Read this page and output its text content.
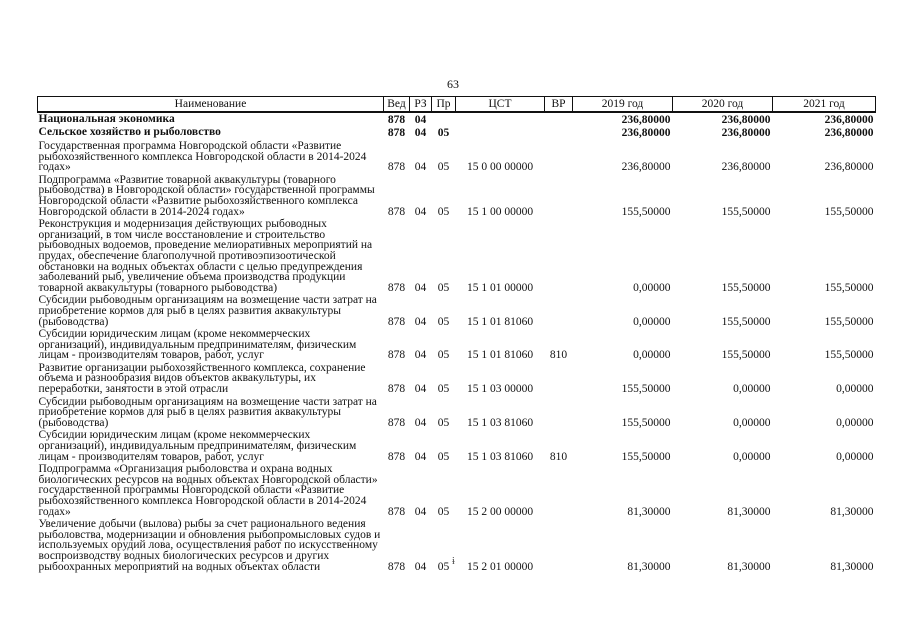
63
Наименование	Вед	РЗ	Пр	ЦСТ	ВР	2019 год	2020 год	2021 год
Национальная экономика	878	04				236,80000	236,80000	236,80000
Сельское хозяйство и рыболовство	878	04	05			236,80000	236,80000	236,80000
Государственная программа Новгородской области «Развитие рыбохозяйственного комплекса Новгородской области в 2014-2024 годах»	878	04	05	15 0 00 00000		236,80000	236,80000	236,80000
Подпрограмма «Развитие товарной аквакультуры (товарного рыбоводства) в Новгородской области» государственной программы Новгородской области «Развитие рыбохозяйственного комплекса Новгородской области в 2014-2024 годах»	878	04	05	15 1 00 00000		155,50000	155,50000	155,50000
Реконструкция и модернизация действующих рыбоводных организаций, в том числе восстановление и строительство рыбоводных водоемов, проведение мелиоративных мероприятий на прудах, обеспечение благополучной противоэпизоотической обстановки на водных объектах области с целью предупреждения заболеваний рыб, увеличение объема производства продукции товарной аквакультуры (товарного рыбоводства)	878	04	05	15 1 01 00000		0,00000	155,50000	155,50000
Субсидии рыбоводным организациям на возмещение части затрат на приобретение кормов для рыб в целях развития аквакультуры (рыбоводства)	878	04	05	15 1 01 81060		0,00000	155,50000	155,50000
Субсидии юридическим лицам (кроме некоммерческих организаций), индивидуальным предпринимателям, физическим лицам - производителям товаров, работ, услуг	878	04	05	15 1 01 81060	810	0,00000	155,50000	155,50000
Развитие организации рыбохозяйственного комплекса, сохранение объема и разнообразия видов объектов аквакультуры, их переработки, занятости в этой отрасли	878	04	05	15 1 03 00000		155,50000	0,00000	0,00000
Субсидии рыбоводным организациям на возмещение части затрат на приобретение кормов для рыб в целях развития аквакультуры (рыбоводства)	878	04	05	15 1 03 81060		155,50000	0,00000	0,00000
Субсидии юридическим лицам (кроме некоммерческих организаций), индивидуальным предпринимателям, физическим лицам - производителям товаров, работ, услуг	878	04	05	15 1 03 81060	810	155,50000	0,00000	0,00000
Подпрограмма «Организация рыболовства и охрана водных биологических ресурсов на водных объектах Новгородской области» государственной программы Новгородской области «Развитие рыбохозяйственного комплекса Новгородской области в 2014-2024 годах»	878	04	05	15 2 00 00000		81,30000	81,30000	81,30000
Увеличение добычи (вылова) рыбы за счет рационального ведения рыболовства, модернизации и обновления рыбопромысловых судов и используемых орудий лова, осуществления работ по искусственному воспроизводству водных биологических ресурсов и других рыбоохранных мероприятий на водных объектах области	878	04	05	15 2 01 00000		81,30000	81,30000	81,30000
ɨ
